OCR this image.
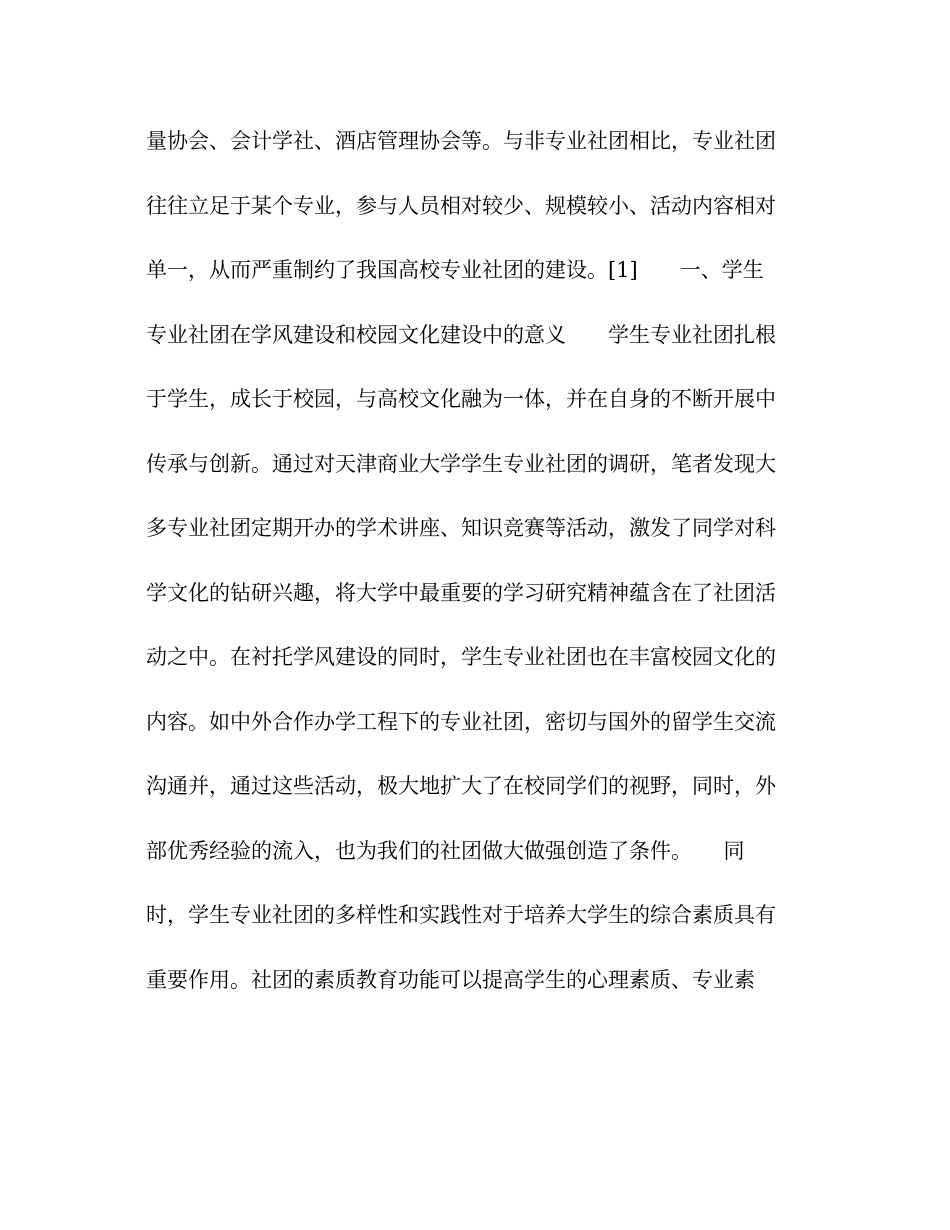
量协会、会计学社、酒店管理协会等。与非专业社团相比，专业社团
往往立足于某个专业，参与人员相对较少、规模较小、活动内容相对
单一，从而严重制约了我国高校专业社团的建设。[1]　　一、学生
专业社团在学风建设和校园文化建设中的意义　　学生专业社团扎根
于学生，成长于校园，与高校文化融为一体，并在自身的不断开展中
传承与创新。通过对天津商业大学学生专业社团的调研，笔者发现大
多专业社团定期开办的学术讲座、知识竞赛等活动，激发了同学对科
学文化的钻研兴趣，将大学中最重要的学习研究精神蕴含在了社团活
动之中。在衬托学风建设的同时，学生专业社团也在丰富校园文化的
内容。如中外合作办学工程下的专业社团，密切与国外的留学生交流
沟通并，通过这些活动，极大地扩大了在校同学们的视野，同时，外
部优秀经验的流入，也为我们的社团做大做强创造了条件。　　同
时，学生专业社团的多样性和实践性对于培养大学生的综合素质具有
重要作用。社团的素质教育功能可以提高学生的心理素质、专业素
